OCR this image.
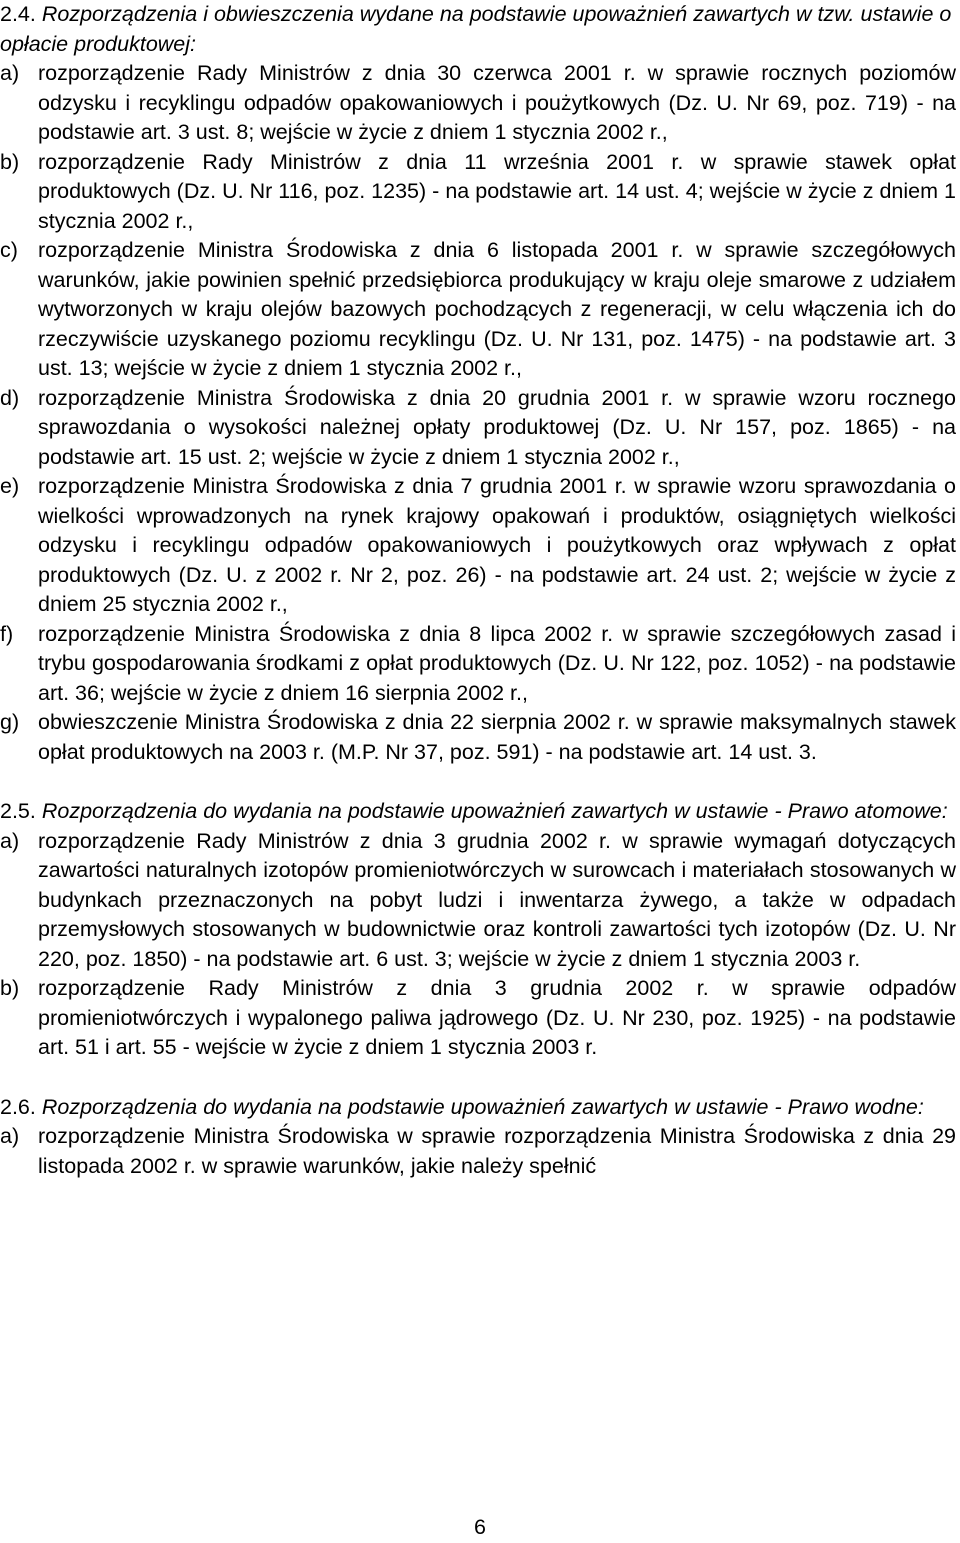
2.4. Rozporządzenia i obwieszczenia wydane na podstawie upoważnień zawartych w tzw. ustawie o opłacie produktowej:

a) rozporządzenie Rady Ministrów z dnia 30 czerwca 2001 r. w sprawie rocznych poziomów odzysku i recyklingu odpadów opakowaniowych i poużytkowych (Dz. U. Nr 69, poz. 719) - na podstawie art. 3 ust. 8; wejście w życie z dniem 1 stycznia 2002 r.,
b) rozporządzenie Rady Ministrów z dnia 11 września 2001 r. w sprawie stawek opłat produktowych (Dz. U. Nr 116, poz. 1235) - na podstawie art. 14 ust. 4; wejście w życie z dniem 1 stycznia 2002 r.,
c) rozporządzenie Ministra Środowiska z dnia 6 listopada 2001 r. w sprawie szczegółowych warunków, jakie powinien spełnić przedsiębiorca produkujący w kraju oleje smarowe z udziałem wytworzonych w kraju olejów bazowych pochodzących z regeneracji, w celu włączenia ich do rzeczywiście uzyskanego poziomu recyklingu (Dz. U. Nr 131, poz. 1475) - na podstawie art. 3 ust. 13; wejście w życie z dniem 1 stycznia 2002 r.,
d) rozporządzenie Ministra Środowiska z dnia 20 grudnia 2001 r. w sprawie wzoru rocznego sprawozdania o wysokości należnej opłaty produktowej (Dz. U. Nr 157, poz. 1865) - na podstawie art. 15 ust. 2; wejście w życie z dniem 1 stycznia 2002 r.,
e) rozporządzenie Ministra Środowiska z dnia 7 grudnia 2001 r. w sprawie wzoru sprawozdania o wielkości wprowadzonych na rynek krajowy opakowań i produktów, osiągniętych wielkości odzysku i recyklingu odpadów opakowaniowych i poużytkowych oraz wpływach z opłat produktowych (Dz. U. z 2002 r. Nr 2, poz. 26) - na podstawie art. 24 ust. 2; wejście w życie z dniem 25 stycznia 2002 r.,
f) rozporządzenie Ministra Środowiska z dnia 8 lipca 2002 r. w sprawie szczegółowych zasad i trybu gospodarowania środkami z opłat produktowych (Dz. U. Nr 122, poz. 1052) - na podstawie art. 36; wejście w życie z dniem 16 sierpnia 2002 r.,
g) obwieszczenie Ministra Środowiska z dnia 22 sierpnia 2002 r. w sprawie maksymalnych stawek opłat produktowych na 2003 r. (M.P. Nr 37, poz. 591) - na podstawie art. 14 ust. 3.

2.5. Rozporządzenia do wydania na podstawie upoważnień zawartych w ustawie - Prawo atomowe:

a) rozporządzenie Rady Ministrów z dnia 3 grudnia 2002 r. w sprawie wymagań dotyczących zawartości naturalnych izotopów promieniotwórczych w surowcach i materiałach stosowanych w budynkach przeznaczonych na pobyt ludzi i inwentarza żywego, a także w odpadach przemysłowych stosowanych w budownictwie oraz kontroli zawartości tych izotopów (Dz. U. Nr 220, poz. 1850) - na podstawie art. 6 ust. 3; wejście w życie z dniem 1 stycznia 2003 r.
b) rozporządzenie Rady Ministrów z dnia 3 grudnia 2002 r. w sprawie odpadów promieniotwórczych i wypalonego paliwa jądrowego (Dz. U. Nr 230, poz. 1925) - na podstawie art. 51 i art. 55 - wejście w życie z dniem 1 stycznia 2003 r.

2.6. Rozporządzenia do wydania na podstawie upoważnień zawartych w ustawie - Prawo wodne:

a) rozporządzenie Ministra Środowiska w sprawie rozporządzenia Ministra Środowiska z dnia 29 listopada 2002 r. w sprawie warunków, jakie należy spełnić
6
